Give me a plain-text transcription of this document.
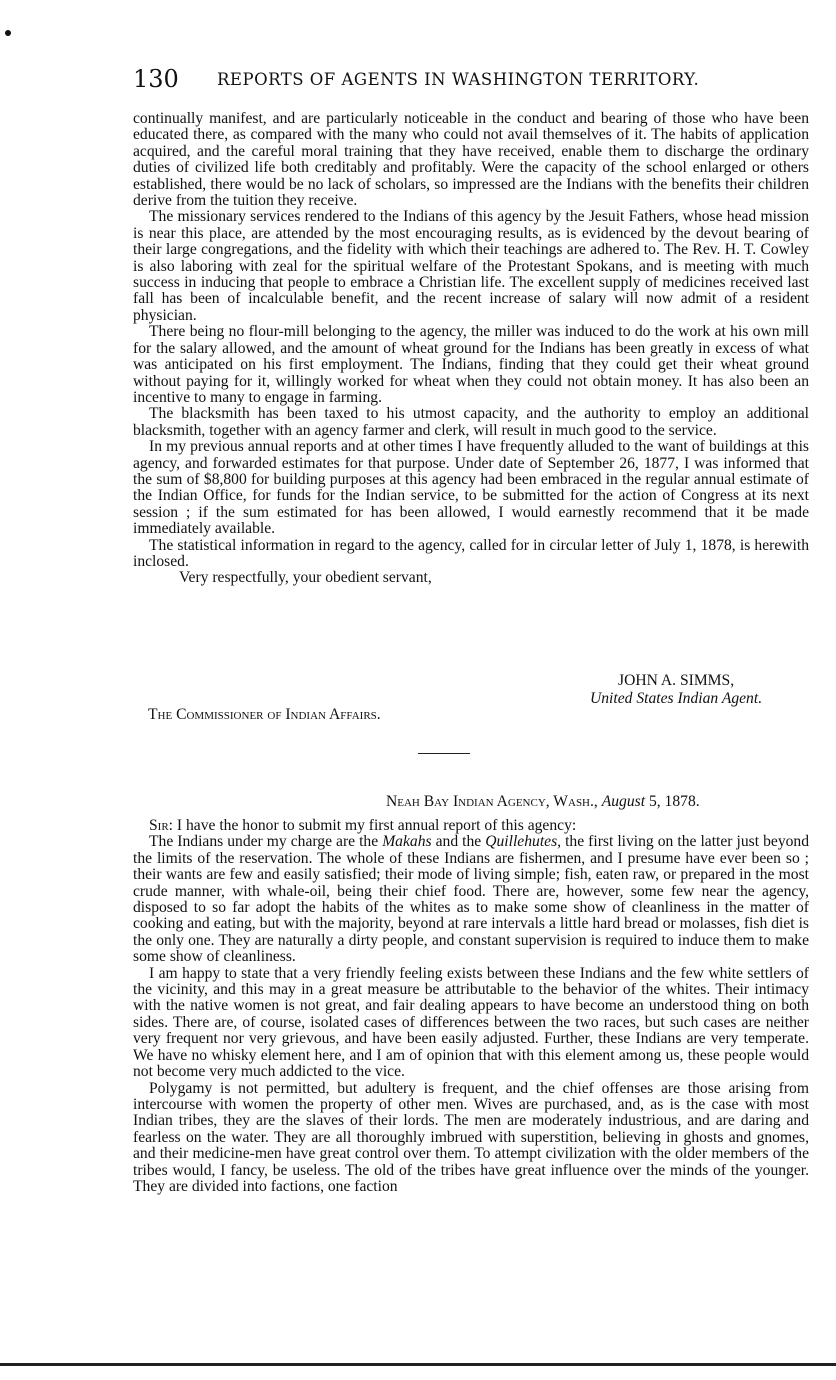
130 REPORTS OF AGENTS IN WASHINGTON TERRITORY.

continually manifest, and are particularly noticeable in the conduct and bearing of those who have been educated there, as compared with the many who could not avail themselves of it. The habits of application acquired, and the careful moral training that they have received, enable them to discharge the ordinary duties of civilized life both creditably and profitably. Were the capacity of the school enlarged or others established, there would be no lack of scholars, so impressed are the Indians with the benefits their children derive from the tuition they receive.

The missionary services rendered to the Indians of this agency by the Jesuit Fathers, whose head mission is near this place, are attended by the most encouraging results, as is evidenced by the devout bearing of their large congregations, and the fidelity with which their teachings are adhered to. The Rev. H. T. Cowley is also laboring with zeal for the spiritual welfare of the Protestant Spokans, and is meeting with much success in inducing that people to embrace a Christian life. The excellent supply of medicines received last fall has been of incalculable benefit, and the recent increase of salary will now admit of a resident physician.

There being no flour-mill belonging to the agency, the miller was induced to do the work at his own mill for the salary allowed, and the amount of wheat ground for the Indians has been greatly in excess of what was anticipated on his first employment. The Indians, finding that they could get their wheat ground without paying for it, willingly worked for wheat when they could not obtain money. It has also been an incentive to many to engage in farming.

The blacksmith has been taxed to his utmost capacity, and the authority to employ an additional blacksmith, together with an agency farmer and clerk, will result in much good to the service.

In my previous annual reports and at other times I have frequently alluded to the want of buildings at this agency, and forwarded estimates for that purpose. Under date of September 26, 1877, I was informed that the sum of $8,800 for building purposes at this agency had been embraced in the regular annual estimate of the Indian Office, for funds for the Indian service, to be submitted for the action of Congress at its next session ; if the sum estimated for has been allowed, I would earnestly recommend that it be made immediately available.

The statistical information in regard to the agency, called for in circular letter of July 1, 1878, is herewith inclosed.

Very respectfully, your obedient servant,

JOHN A. SIMMS,
United States Indian Agent.
The Commissioner of Indian Affairs.
Neah Bay Indian Agency, Wash., August 5, 1878.

Sir: I have the honor to submit my first annual report of this agency:

The Indians under my charge are the Makahs and the Quillehutes, the first living on the latter just beyond the limits of the reservation. The whole of these Indians are fishermen, and I presume have ever been so ; their wants are few and easily satisfied; their mode of living simple; fish, eaten raw, or prepared in the most crude manner, with whale-oil, being their chief food. There are, however, some few near the agency, disposed to so far adopt the habits of the whites as to make some show of cleanliness in the matter of cooking and eating, but with the majority, beyond at rare intervals a little hard bread or molasses, fish diet is the only one. They are naturally a dirty people, and constant supervision is required to induce them to make some show of cleanliness.

I am happy to state that a very friendly feeling exists between these Indians and the few white settlers of the vicinity, and this may in a great measure be attributable to the behavior of the whites. Their intimacy with the native women is not great, and fair dealing appears to have become an understood thing on both sides. There are, of course, isolated cases of differences between the two races, but such cases are neither very frequent nor very grievous, and have been easily adjusted. Further, these Indians are very temperate. We have no whisky element here, and I am of opinion that with this element among us, these people would not become very much addicted to the vice.

Polygamy is not permitted, but adultery is frequent, and the chief offenses are those arising from intercourse with women the property of other men. Wives are purchased, and, as is the case with most Indian tribes, they are the slaves of their lords. The men are moderately industrious, and are daring and fearless on the water. They are all thoroughly imbrued with superstition, believing in ghosts and gnomes, and their medicine-men have great control over them. To attempt civilization with the older members of the tribes would, I fancy, be useless. The old of the tribes have great influence over the minds of the younger. They are divided into factions, one faction
